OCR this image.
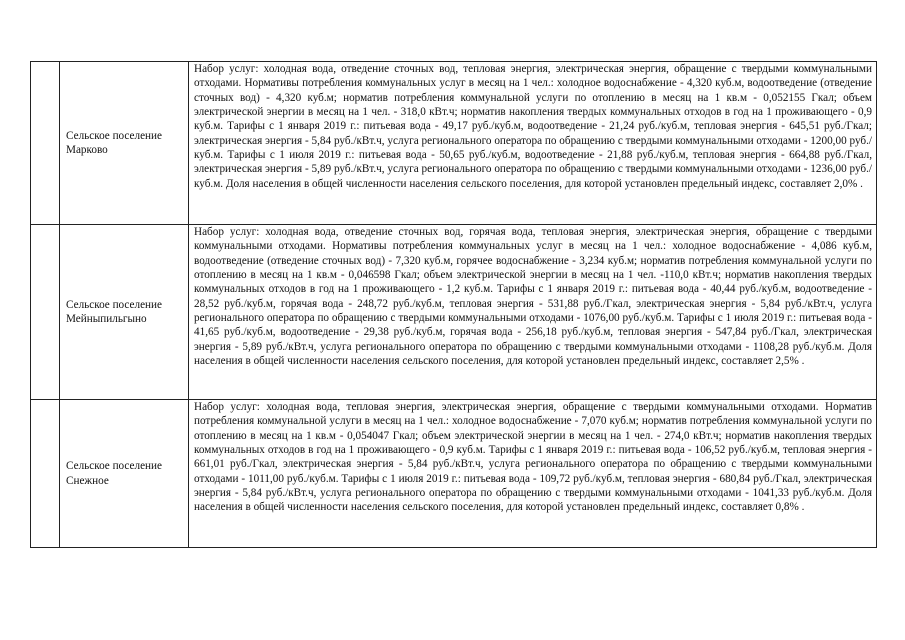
	Сельское поселение Марково	Набор услуг: холодная вода, отведение сточных вод, тепловая энергия, электрическая энергия, обращение с твердыми коммунальными отходами. Нормативы потребления коммунальных услуг в месяц на 1 чел.: холодное водоснабжение - 4,320 куб.м, водоотведение (отведение сточных вод) - 4,320 куб.м; норматив потребления коммунальной услуги по отоплению в месяц на 1 кв.м - 0,052155 Гкал; объем электрической энергии в месяц на 1 чел. - 318,0 кВт.ч; норматив накопления твердых коммунальных отходов в год на 1 проживающего - 0,9 куб.м. Тарифы с 1 января 2019 г.: питьевая вода - 49,17 руб./куб.м, водоотведение - 21,24 руб./куб.м, тепловая энергия - 645,51 руб./Гкал; электрическая энергия - 5,84 руб./кВт.ч, услуга регионального оператора по обращению с твердыми коммунальными отходами - 1200,00 руб./куб.м. Тарифы с 1 июля 2019 г.: питьевая вода - 50,65 руб./куб.м, водоотведение - 21,88 руб./куб.м, тепловая энергия - 664,88 руб./Гкал, электрическая энергия - 5,89 руб./кВт.ч, услуга регионального оператора по обращению с твердыми коммунальными отходами - 1236,00 руб./куб.м. Доля населения в общей численности населения сельского поселения, для которой установлен предельный индекс, составляет 2,0% .
	Сельское поселение Мейныпильгыно	Набор услуг: холодная вода, отведение сточных вод, горячая вода, тепловая энергия, электрическая энергия, обращение с твердыми коммунальными отходами. Нормативы потребления коммунальных услуг в месяц на 1 чел.: холодное водоснабжение - 4,086 куб.м, водоотведение (отведение сточных вод) - 7,320 куб.м, горячее водоснабжение - 3,234 куб.м; норматив потребления коммунальной услуги по отоплению в месяц на 1 кв.м - 0,046598 Гкал; объем электрической энергии в месяц на 1 чел. -110,0 кВт.ч; норматив накопления твердых коммунальных отходов в год на 1 проживающего - 1,2 куб.м. Тарифы с 1 января 2019 г.: питьевая вода - 40,44 руб./куб.м, водоотведение - 28,52 руб./куб.м, горячая вода - 248,72 руб./куб.м, тепловая энергия - 531,88 руб./Гкал, электрическая энергия - 5,84 руб./кВт.ч, услуга регионального оператора по обращению с твердыми коммунальными отходами - 1076,00 руб./куб.м. Тарифы с 1 июля 2019 г.: питьевая вода - 41,65 руб./куб.м, водоотведение - 29,38 руб./куб.м, горячая вода - 256,18 руб./куб.м, тепловая энергия - 547,84 руб./Гкал, электрическая энергия - 5,89 руб./кВт.ч, услуга регионального оператора по обращению с твердыми коммунальными отходами - 1108,28 руб./куб.м. Доля населения в общей численности населения сельского поселения, для которой установлен предельный индекс, составляет 2,5% .
	Сельское поселение Снежное	Набор услуг: холодная вода, тепловая энергия, электрическая энергия, обращение с твердыми коммунальными отходами. Норматив потребления коммунальной услуги в месяц на 1 чел.: холодное водоснабжение - 7,070 куб.м; норматив потребления коммунальной услуги по отоплению в месяц на 1 кв.м - 0,054047 Гкал; объем электрической энергии в месяц на 1 чел. - 274,0 кВт.ч; норматив накопления твердых коммунальных отходов в год на 1 проживающего - 0,9 куб.м. Тарифы с 1 января 2019 г.: питьевая вода - 106,52 руб./куб.м, тепловая энергия - 661,01 руб./Гкал, электрическая энергия - 5,84 руб./кВт.ч, услуга регионального оператора по обращению с твердыми коммунальными отходами - 1011,00 руб./куб.м. Тарифы с 1 июля 2019 г.: питьевая вода - 109,72 руб./куб.м, тепловая энергия - 680,84 руб./Гкал, электрическая энергия - 5,84 руб./кВт.ч, услуга регионального оператора по обращению с твердыми коммунальными отходами - 1041,33 руб./куб.м. Доля населения в общей численности населения сельского поселения, для которой установлен предельный индекс, составляет 0,8% .
